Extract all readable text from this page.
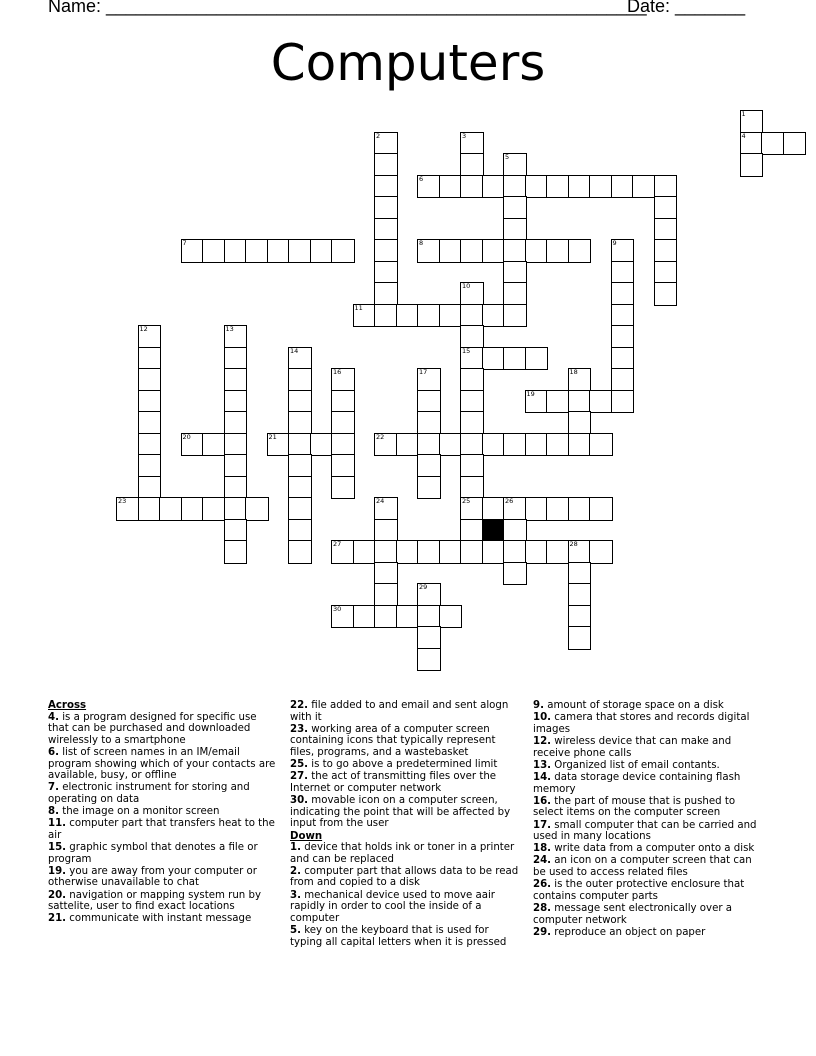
Name: ______________________________________________________
Date: _______
Computers
1
2	3	4
5
6
7	8	9
10
11
12	13
14	15
16	17	18
19
20	21	22
23	24	25	26
27	28
29
30
Across
4. is a program designed for specific use that can be purchased and downloaded wirelessly to a smartphone
6. list of screen names in an IM/email program showing which of your contacts are available, busy, or offline
7. electronic instrument for storing and operating on data
8. the image on a monitor screen
11. computer part that transfers heat to the air
15. graphic symbol that denotes a file or program
19. you are away from your computer or otherwise unavailable to chat
20. navigation or mapping system run by sattelite, user to find exact locations
21. communicate with instant message
22. file added to and email and sent alogn with it
23. working area of a computer screen containing icons that typically represent files, programs, and a wastebasket
25. is to go above a predetermined limit
27. the act of transmitting files over the Internet or computer network
30. movable icon on a computer screen, indicating the point that will be affected by input from the user
Down
1. device that holds ink or toner in a printer and can be replaced
2. computer part that allows data to be read from and copied to a disk
3. mechanical device used to move aair rapidly in order to cool the inside of a computer
5. key on the keyboard that is used for typing all capital letters when it is pressed
9. amount of storage space on a disk
10. camera that stores and records digital images
12. wireless device that can make and receive phone calls
13. Organized list of email contants.
14. data storage device containing flash memory
16. the part of mouse that is pushed to select items on the computer screen
17. small computer that can be carried and used in many locations
18. write data from a computer onto a disk
24. an icon on a computer screen that can be used to access related files
26. is the outer protective enclosure that contains computer parts
28. message sent electronically over a computer network
29. reproduce an object on paper
